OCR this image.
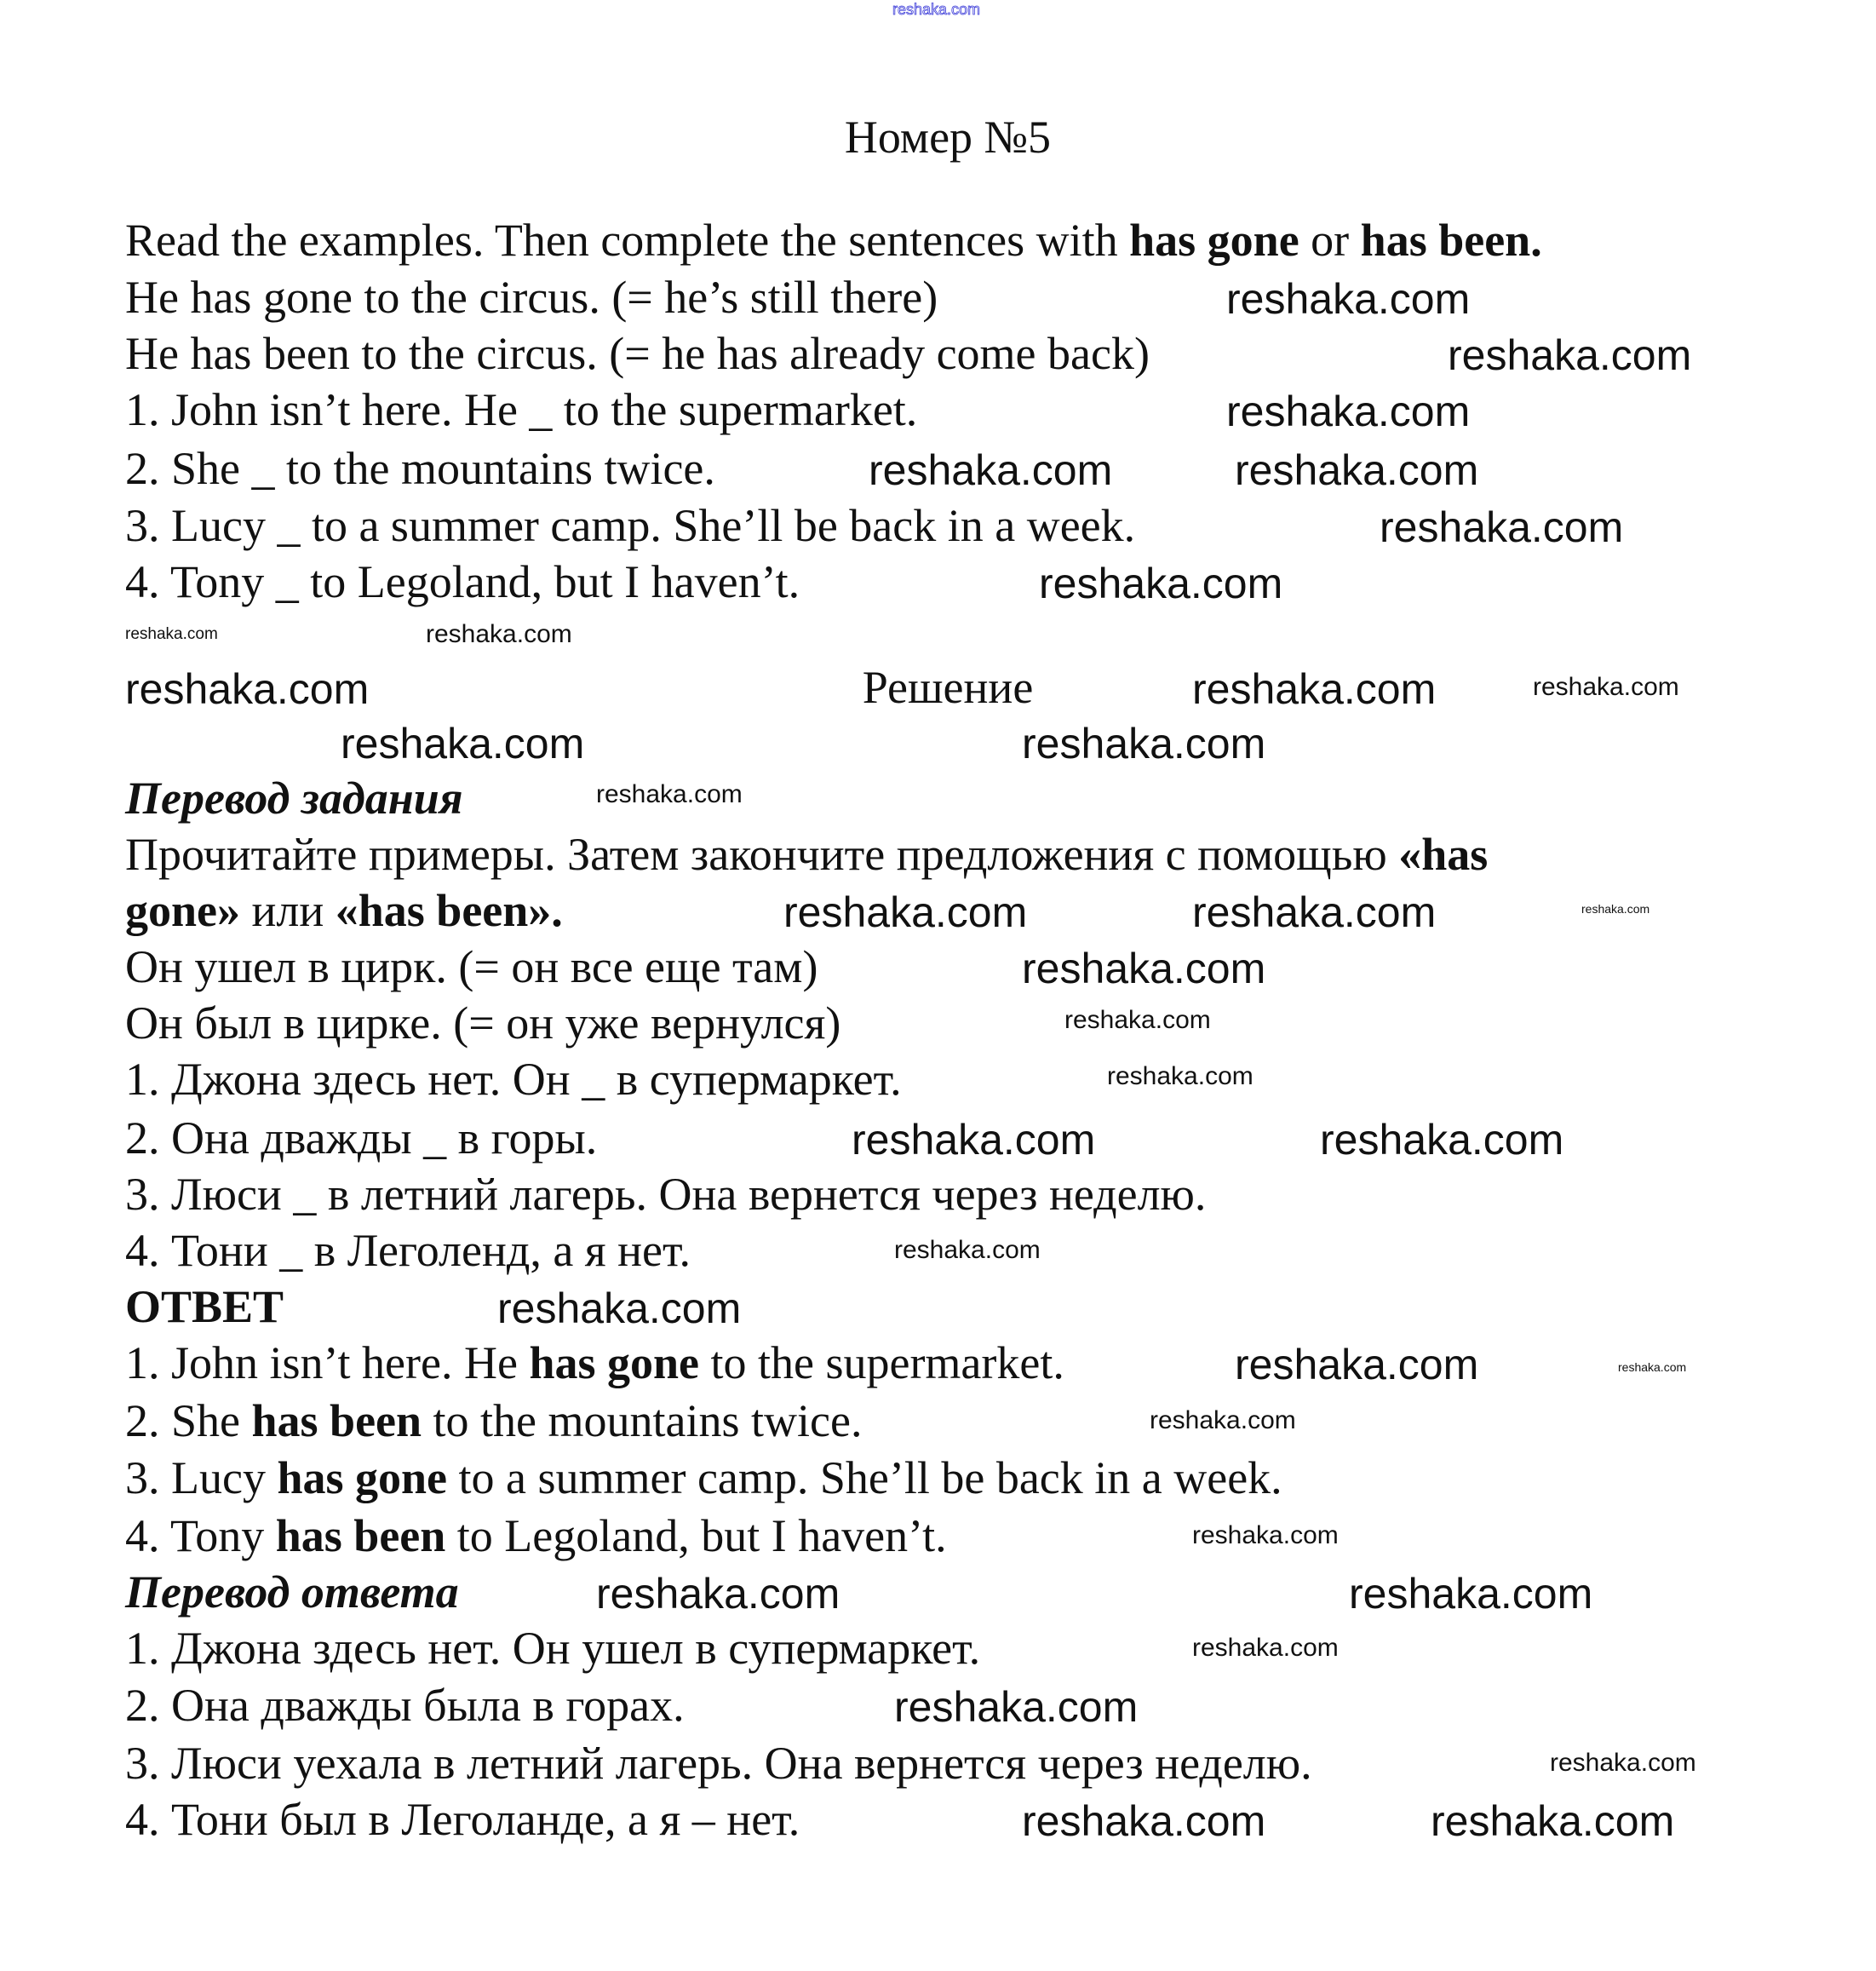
Номер №5
Read the examples. Then complete the sentences with has gone or has been.
He has gone to the circus. (= he’s still there)
He has been to the circus. (= he has already come back)
1. John isn’t here. He _ to the supermarket.
2. She _ to the mountains twice.
3. Lucy _ to a summer camp. She’ll be back in a week.
4. Tony _ to Legoland, but I haven’t.
Решение
Перевод задания
Прочитайте примеры. Затем закончите предложения с помощью «has
gone» или «has been».
Он ушел в цирк. (= он все еще там)
Он был в цирке. (= он уже вернулся)
1. Джона здесь нет. Он _ в супермаркет.
2. Она дважды _ в горы.
3. Люси _ в летний лагерь. Она вернется через неделю.
4. Тони _ в Леголенд, а я нет.
ОТВЕТ
1. John isn’t here. He has gone to the supermarket.
2. She has been to the mountains twice.
3. Lucy has gone to a summer camp. She’ll be back in a week.
4. Tony has been to Legoland, but I haven’t.
Перевод ответа
1. Джона здесь нет. Он ушел в супермаркет.
2. Она дважды была в горах.
3. Люси уехала в летний лагерь. Она вернется через неделю.
4. Тони был в Леголанде, а я – нет.
reshaka.com
reshaka.com
reshaka.com
reshaka.com
reshaka.com	reshaka.com
reshaka.com
reshaka.com
reshaka.com	reshaka.com
reshaka.com	reshaka.com	reshaka.com
reshaka.com	reshaka.com
reshaka.com
reshaka.com	reshaka.com	reshaka.com
reshaka.com
reshaka.com
reshaka.com
reshaka.com	reshaka.com
reshaka.com
reshaka.com
reshaka.com	reshaka.com
reshaka.com
reshaka.com
reshaka.com	reshaka.com
reshaka.com
reshaka.com
reshaka.com
reshaka.com	reshaka.com
